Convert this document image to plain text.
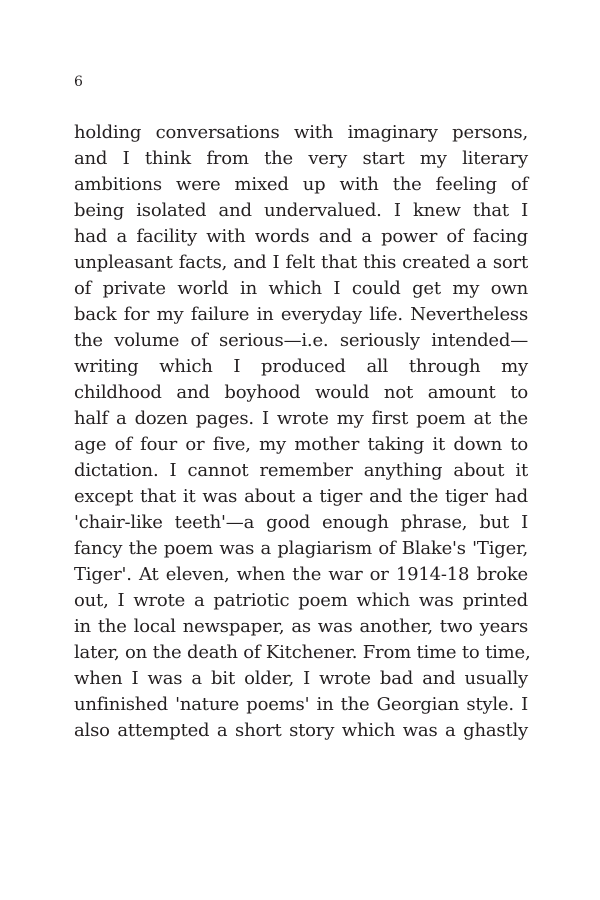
6
holding conversations with imaginary persons,
and I think from the very start my literary
ambitions were mixed up with the feeling of
being isolated and undervalued. I knew that I
had a facility with words and a power of facing
unpleasant facts, and I felt that this created a sort
of private world in which I could get my own
back for my failure in everyday life. Nevertheless
the volume of serious—i.e. seriously intended—
writing which I produced all through my
childhood and boyhood would not amount to
half a dozen pages. I wrote my first poem at the
age of four or five, my mother taking it down to
dictation. I cannot remember anything about it
except that it was about a tiger and the tiger had
'chair-like teeth'—a good enough phrase, but I
fancy the poem was a plagiarism of Blake's 'Tiger,
Tiger'. At eleven, when the war or 1914-18 broke
out, I wrote a patriotic poem which was printed
in the local newspaper, as was another, two years
later, on the death of Kitchener. From time to time,
when I was a bit older, I wrote bad and usually
unfinished 'nature poems' in the Georgian style. I
also attempted a short story which was a ghastly
